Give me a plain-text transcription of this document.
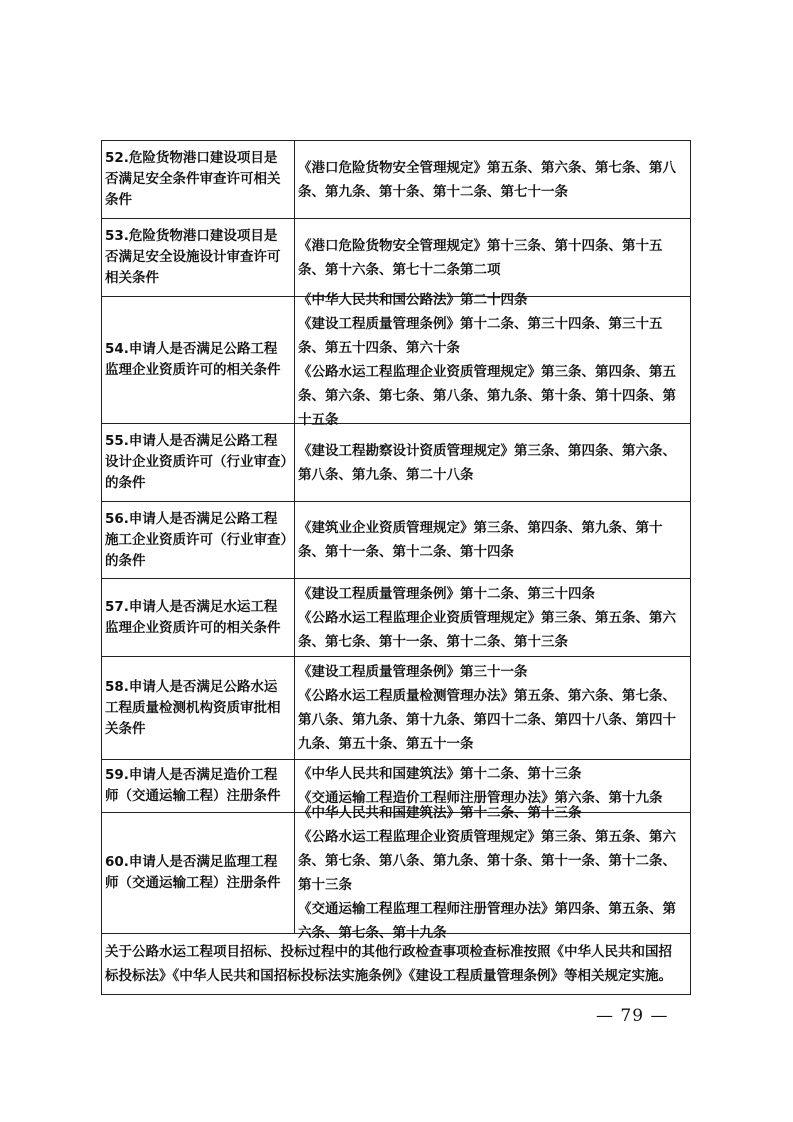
52.危险货物港口建设项目是否满足安全条件审查许可相关条件
《港口危险货物安全管理规定》第五条、第六条、第七条、第八条、第九条、第十条、第十二条、第七十一条
53.危险货物港口建设项目是否满足安全设施设计审查许可相关条件
《港口危险货物安全管理规定》第十三条、第十四条、第十五条、第十六条、第七十二条第二项
54.申请人是否满足公路工程监理企业资质许可的相关条件
《中华人民共和国公路法》第二十四条
《建设工程质量管理条例》第十二条、第三十四条、第三十五条、第五十四条、第六十条
《公路水运工程监理企业资质管理规定》第三条、第四条、第五条、第六条、第七条、第八条、第九条、第十条、第十四条、第十五条
55.申请人是否满足公路工程设计企业资质许可（行业审查）的条件
《建设工程勘察设计资质管理规定》第三条、第四条、第六条、第八条、第九条、第二十八条
56.申请人是否满足公路工程施工企业资质许可（行业审查）的条件
《建筑业企业资质管理规定》第三条、第四条、第九条、第十条、第十一条、第十二条、第十四条
57.申请人是否满足水运工程监理企业资质许可的相关条件
《建设工程质量管理条例》第十二条、第三十四条
《公路水运工程监理企业资质管理规定》第三条、第五条、第六条、第七条、第十一条、第十二条、第十三条
58.申请人是否满足公路水运工程质量检测机构资质审批相关条件
《建设工程质量管理条例》第三十一条
《公路水运工程质量检测管理办法》第五条、第六条、第七条、第八条、第九条、第十九条、第四十二条、第四十八条、第四十九条、第五十条、第五十一条
59.申请人是否满足造价工程师（交通运输工程）注册条件
《中华人民共和国建筑法》第十二条、第十三条
《交通运输工程造价工程师注册管理办法》第六条、第十九条
60.申请人是否满足监理工程师（交通运输工程）注册条件
《中华人民共和国建筑法》第十二条、第十三条
《公路水运工程监理企业资质管理规定》第三条、第五条、第六条、第七条、第八条、第九条、第十条、第十一条、第十二条、第十三条
《交通运输工程监理工程师注册管理办法》第四条、第五条、第六条、第七条、第十九条
关于公路水运工程项目招标、投标过程中的其他行政检查事项检查标准按照《中华人民共和国招标投标法》《中华人民共和国招标投标法实施条例》《建设工程质量管理条例》等相关规定实施。
— 79 —
